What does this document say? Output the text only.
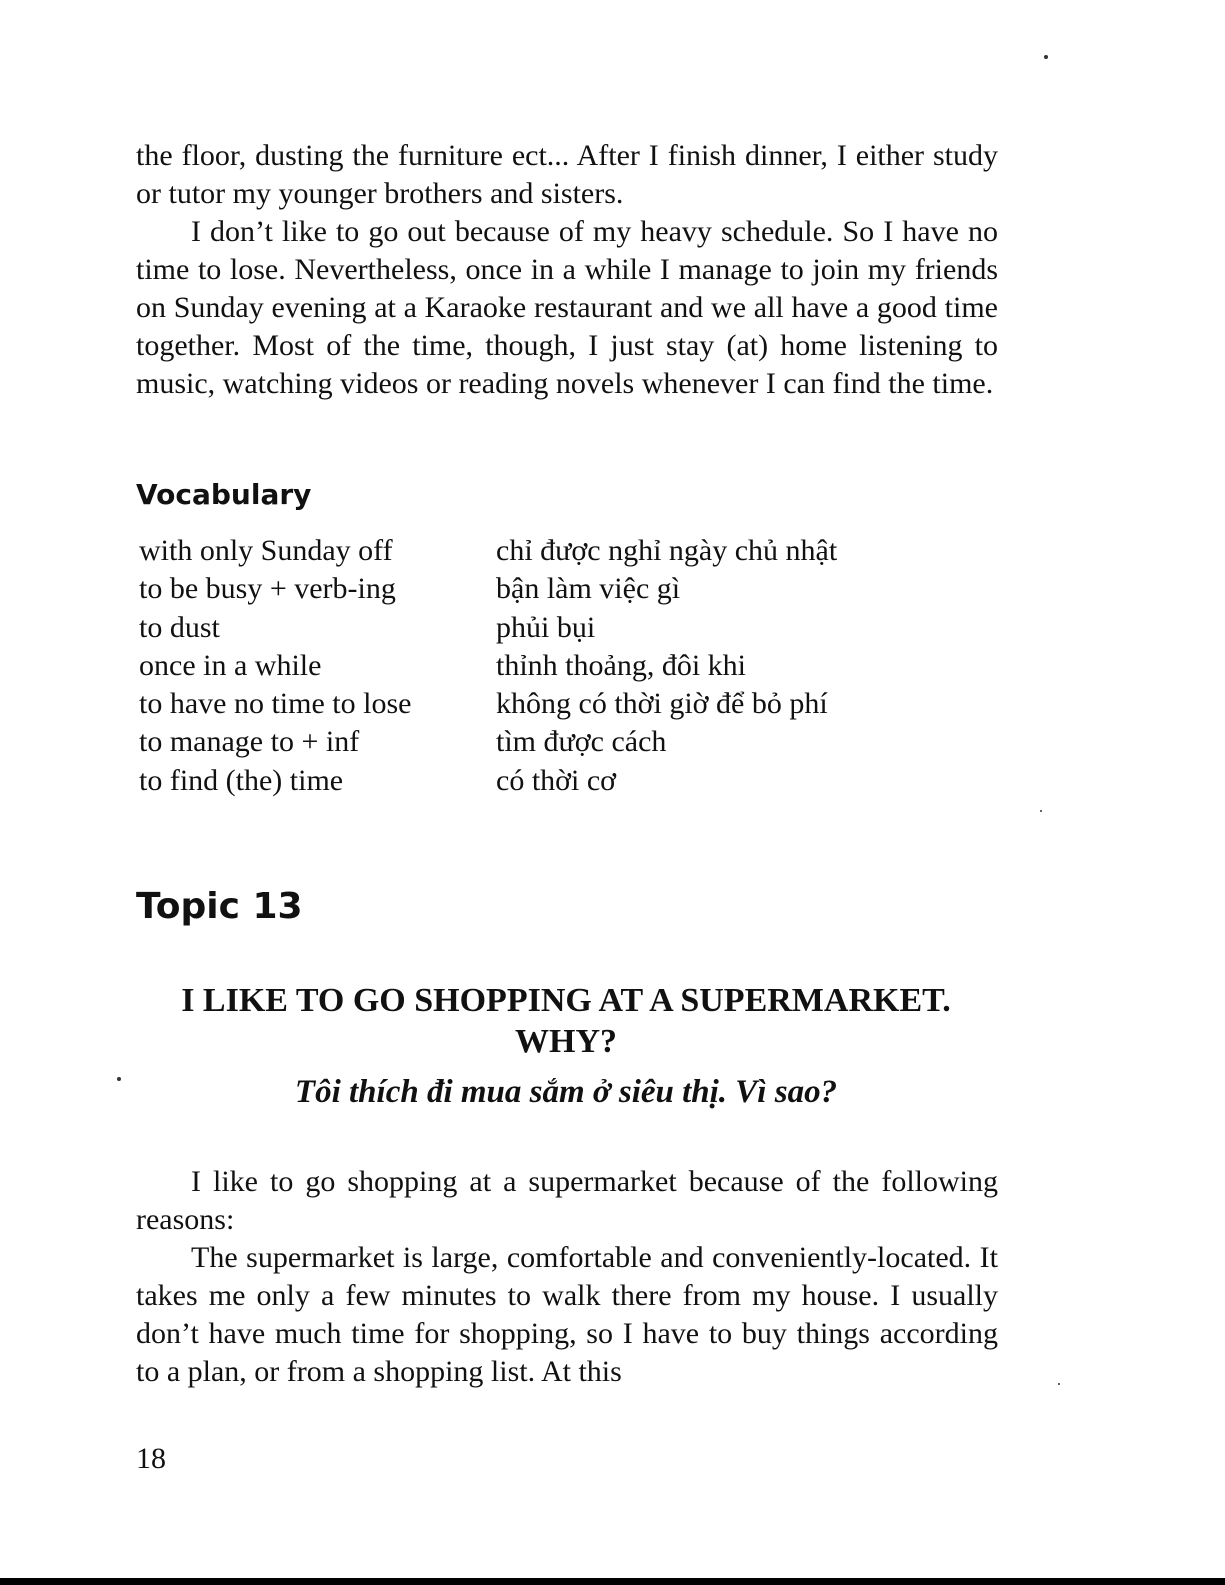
the floor, dusting the furniture ect... After I finish dinner, I either study or tutor my younger brothers and sisters.

I don’t like to go out because of my heavy schedule. So I have no time to lose. Nevertheless, once in a while I manage to join my friends on Sunday evening at a Karaoke restaurant and we all have a good time together. Most of the time, though, I just stay (at) home listening to music, watching videos or reading novels whenever I can find the time.

Vocabulary
with only Sunday off	chỉ được nghỉ ngày chủ nhật
to be busy + verb-ing	bận làm việc gì
to dust	phủi bụi
once in a while	thỉnh thoảng, đôi khi
to have no time to lose	không có thời giờ để bỏ phí
to manage to + inf	tìm được cách
to find (the) time	có thời cơ
Topic 13
I LIKE TO GO SHOPPING AT A SUPERMARKET.
WHY?

Tôi thích đi mua sắm ở siêu thị. Vì sao?

I like to go shopping at a supermarket because of the following reasons:

The supermarket is large, comfortable and conveniently-located. It takes me only a few minutes to walk there from my house. I usually don’t have much time for shopping, so I have to buy things according to a plan, or from a shopping list. At this

18
